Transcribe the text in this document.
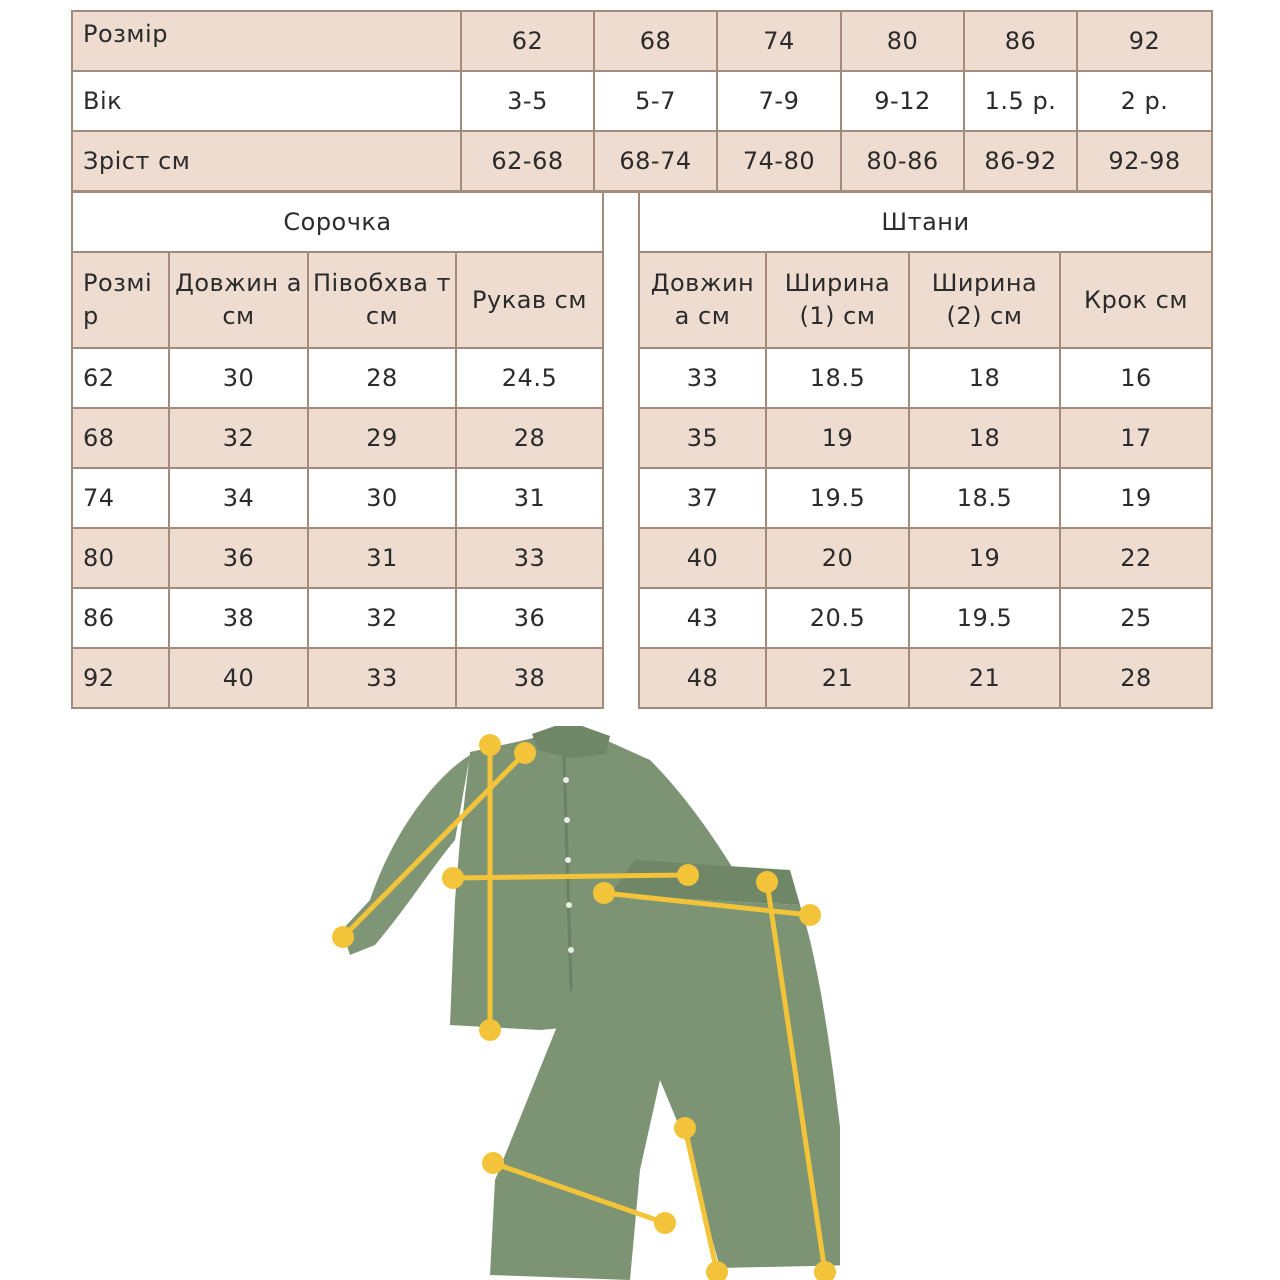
Розмір	62	68	74	80	86	92
Вік	3-5	5-7	7-9	9-12	1.5 р.	2 р.
Зріст см	62-68	68-74	74-80	80-86	86-92	92-98
Сорочка		Штани
Розмі р	Довжин а см	Півобхва т см	Рукав см		Довжин а см	Ширина (1) см	Ширина (2) см	Крок см
62	30	28	24.5		33	18.5	18	16
68	32	29	28		35	19	18	17
74	34	30	31		37	19.5	18.5	19
80	36	31	33		40	20	19	22
86	38	32	36		43	20.5	19.5	25
92	40	33	38		48	21	21	28
